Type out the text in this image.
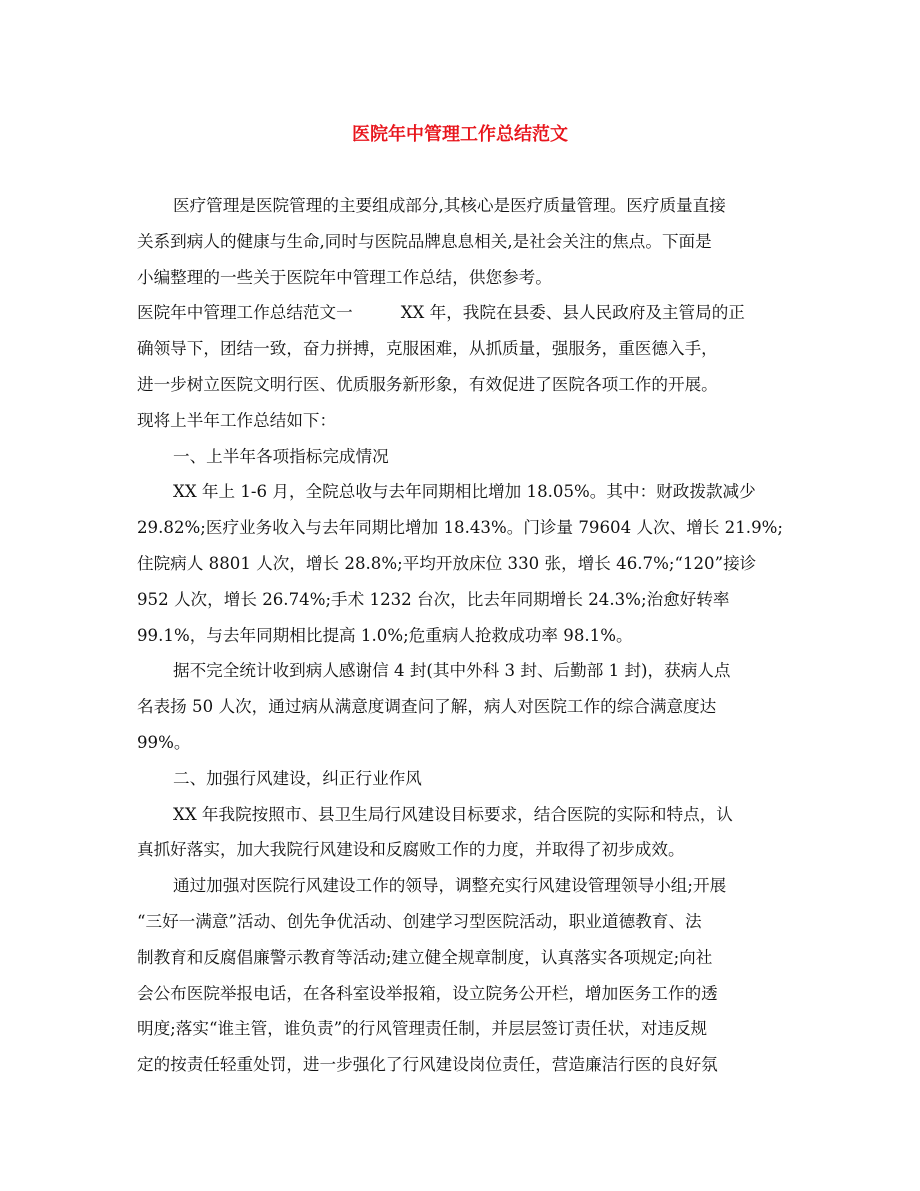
医院年中管理工作总结范文
医疗管理是医院管理的主要组成部分,其核心是医疗质量管理。医疗质量直接
关系到病人的健康与生命,同时与医院品牌息息相关,是社会关注的焦点。下面是
小编整理的一些关于医院年中管理工作总结，供您参考。
医院年中管理工作总结范文一	XX 年，我院在县委、县人民政府及主管局的正
确领导下，团结一致，奋力拼搏，克服困难，从抓质量，强服务，重医德入手，
进一步树立医院文明行医、优质服务新形象，有效促进了医院各项工作的开展。
现将上半年工作总结如下：
一、上半年各项指标完成情况
XX 年上 1-6 月，全院总收与去年同期相比增加 18.05%。其中：财政拨款减少
29.82%;医疗业务收入与去年同期比增加 18.43%。门诊量 79604 人次、增长 21.9%;
住院病人 8801 人次，增长 28.8%;平均开放床位 330 张，增长 46.7%;“120”接诊
952 人次，增长 26.74%;手术 1232 台次，比去年同期增长 24.3%;治愈好转率
99.1%，与去年同期相比提高 1.0%;危重病人抢救成功率 98.1%。
据不完全统计收到病人感谢信 4 封(其中外科 3 封、后勤部 1 封)，获病人点
名表扬 50 人次，通过病从满意度调查问了解，病人对医院工作的综合满意度达
99%。
二、加强行风建设，纠正行业作风
XX 年我院按照市、县卫生局行风建设目标要求，结合医院的实际和特点，认
真抓好落实，加大我院行风建设和反腐败工作的力度，并取得了初步成效。
通过加强对医院行风建设工作的领导，调整充实行风建设管理领导小组;开展
“三好一满意”活动、创先争优活动、创建学习型医院活动，职业道德教育、法
制教育和反腐倡廉警示教育等活动;建立健全规章制度，认真落实各项规定;向社
会公布医院举报电话，在各科室设举报箱，设立院务公开栏，增加医务工作的透
明度;落实“谁主管，谁负责”的行风管理责任制，并层层签订责任状，对违反规
定的按责任轻重处罚，进一步强化了行风建设岗位责任，营造廉洁行医的良好氛
